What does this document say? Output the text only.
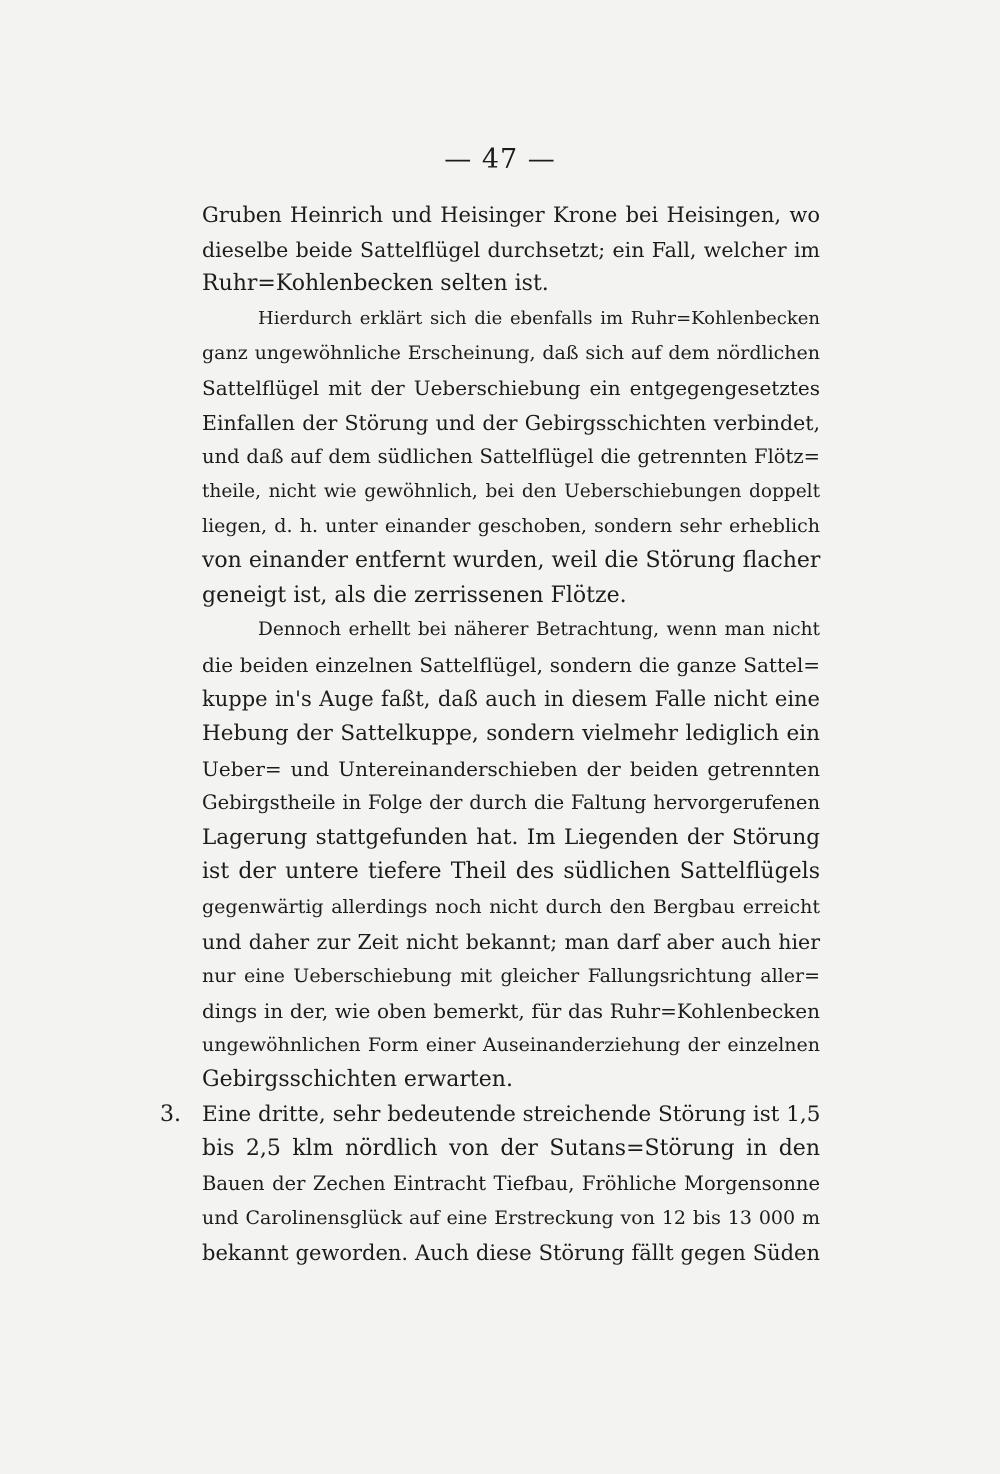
— 47 —
Gruben Heinrich und Heisinger Krone bei Heisingen, wo
dieselbe beide Sattelflügel durchsetzt; ein Fall, welcher im
Ruhr=Kohlenbecken selten ist.
Hierdurch erklärt sich die ebenfalls im Ruhr=Kohlenbecken
ganz ungewöhnliche Erscheinung, daß sich auf dem nördlichen
Sattelflügel mit der Ueberschiebung ein entgegengesetztes
Einfallen der Störung und der Gebirgsschichten verbindet,
und daß auf dem südlichen Sattelflügel die getrennten Flötz=
theile, nicht wie gewöhnlich, bei den Ueberschiebungen doppelt
liegen, d. h. unter einander geschoben, sondern sehr erheblich
von einander entfernt wurden, weil die Störung flacher
geneigt ist, als die zerrissenen Flötze.
Dennoch erhellt bei näherer Betrachtung, wenn man nicht
die beiden einzelnen Sattelflügel, sondern die ganze Sattel=
kuppe in's Auge faßt, daß auch in diesem Falle nicht eine
Hebung der Sattelkuppe, sondern vielmehr lediglich ein
Ueber= und Untereinanderschieben der beiden getrennten
Gebirgstheile in Folge der durch die Faltung hervorgerufenen
Lagerung stattgefunden hat. Im Liegenden der Störung
ist der untere tiefere Theil des südlichen Sattelflügels
gegenwärtig allerdings noch nicht durch den Bergbau erreicht
und daher zur Zeit nicht bekannt; man darf aber auch hier
nur eine Ueberschiebung mit gleicher Fallungsrichtung aller=
dings in der, wie oben bemerkt, für das Ruhr=Kohlenbecken
ungewöhnlichen Form einer Auseinanderziehung der einzelnen
Gebirgsschichten erwarten.
3. Eine dritte, sehr bedeutende streichende Störung ist 1,5
bis 2,5 klm nördlich von der Sutans=Störung in den
Bauen der Zechen Eintracht Tiefbau, Fröhliche Morgensonne
und Carolinensglück auf eine Erstreckung von 12 bis 13 000 m
bekannt geworden. Auch diese Störung fällt gegen Süden
